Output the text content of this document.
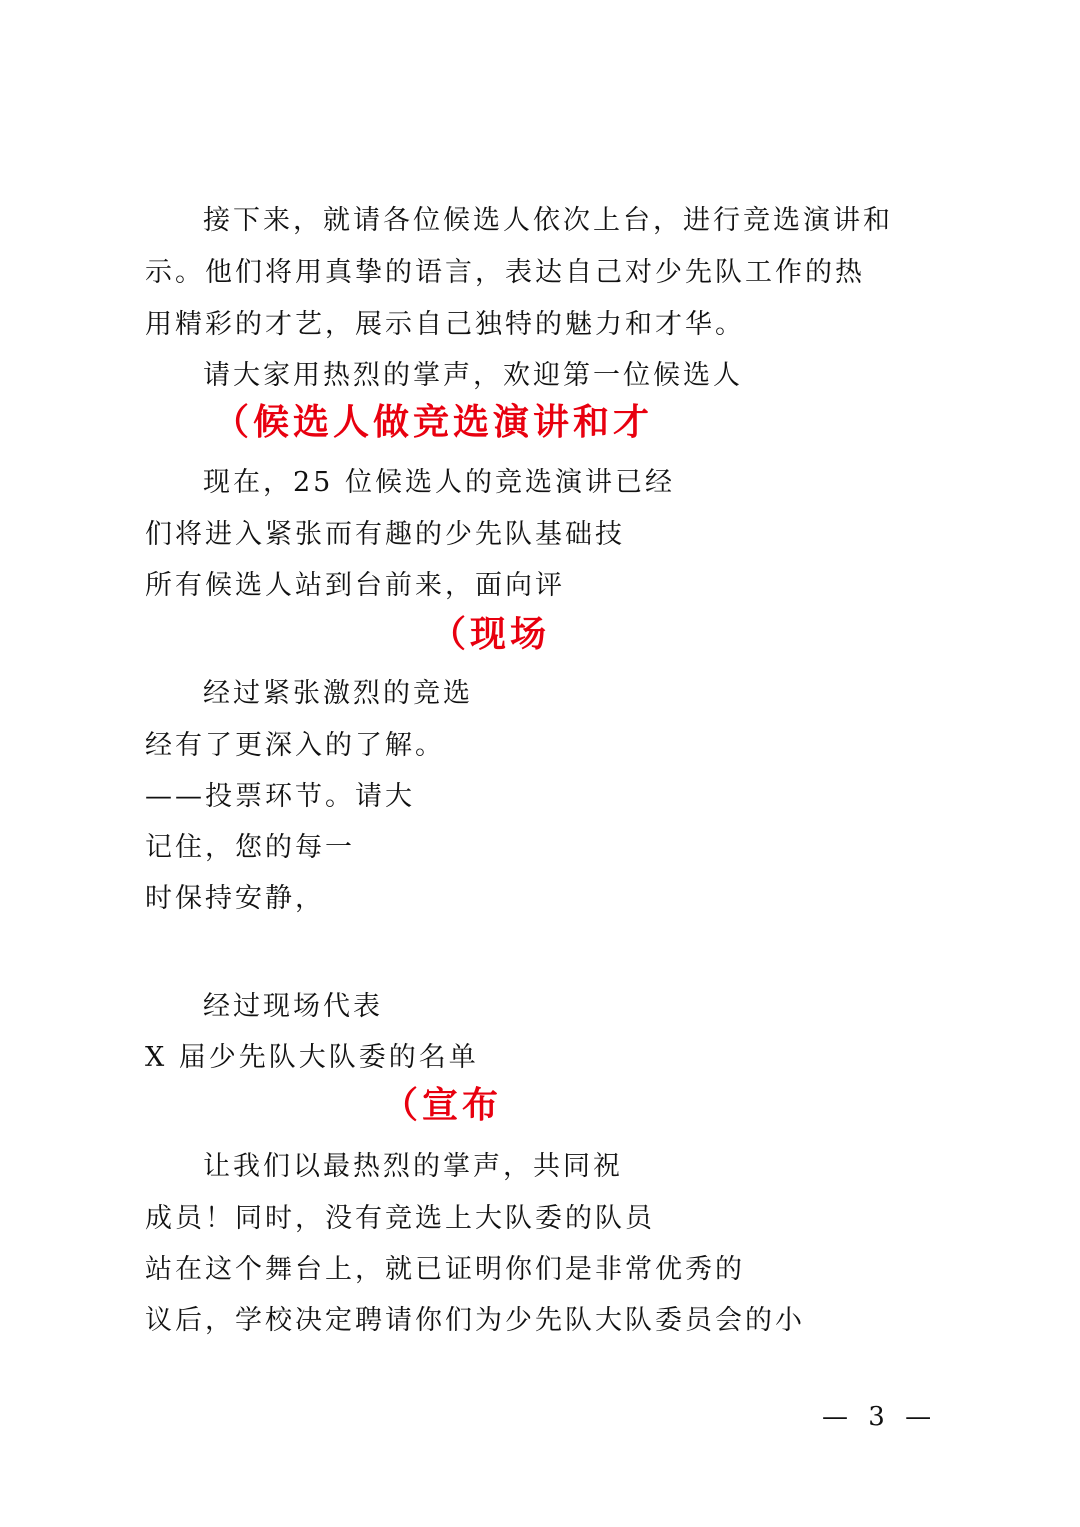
接下来，就请各位候选人依次上台，进行竞选演讲和
示。他们将用真挚的语言，表达自己对少先队工作的热
用精彩的才艺，展示自己独特的魅力和才华。
请大家用热烈的掌声，欢迎第一位候选人
（候选人做竞选演讲和才
现在，25 位候选人的竞选演讲已经
们将进入紧张而有趣的少先队基础技
所有候选人站到台前来，面向评
（现场
经过紧张激烈的竞选
经有了更深入的了解。
——投票环节。请大
记住，您的每一
时保持安静，
经过现场代表
X 届少先队大队委的名单
（宣布
让我们以最热烈的掌声，共同祝
成员！同时，没有竞选上大队委的队员
站在这个舞台上，就已证明你们是非常优秀的
议后，学校决定聘请你们为少先队大队委员会的小
— 3 —
